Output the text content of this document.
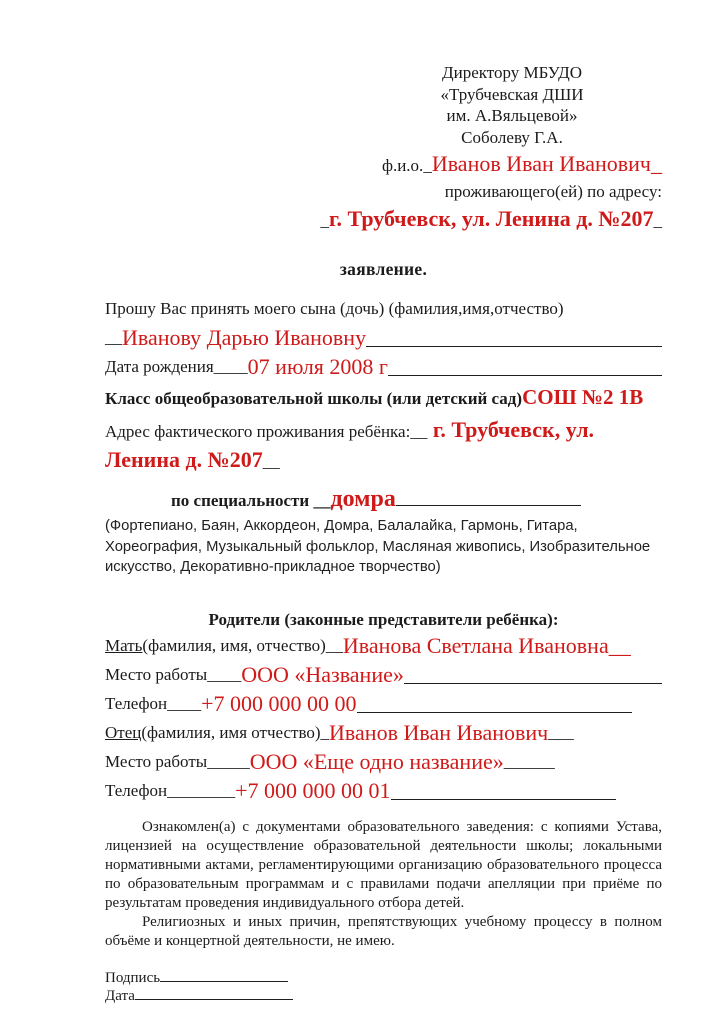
Директору МБУДО
«Трубчевская ДШИ
им. А.Вяльцевой»
Соболеву Г.А.
ф.и.о._Иванов Иван Иванович_
проживающего(ей) по адресу:
_г. Трубчевск, ул. Ленина д. №207_
заявление.
Прошу Вас принять моего сына (дочь) (фамилия,имя,отчество)
__ Иванову Дарью Ивановну
Дата рождения ____ 07 июля 2008 г
Класс общеобразовательной школы (или детский сад)СОШ №2 1В
Адрес фактического проживания ребёнка:__ г. Трубчевск, ул. Ленина д. №207__
по специальности __домра
(Фортепиано, Баян, Аккордеон, Домра, Балалайка, Гармонь, Гитара, Хореография, Музыкальный фольклор, Масляная живопись, Изобразительное искусство, Декоративно-прикладное творчество)
Родители (законные представители ребёнка):
Мать (фамилия, имя, отчество) __ Иванова Светлана Ивановна __
Место работы ____ ООО «Название»
Телефон ____ +7 000 000 00 00
Отец (фамилия, имя отчество) _ Иванов Иван Иванович ___
Место работы _____ ООО «Еще одно название» ______
Телефон ________ +7 000 000 00 01

Ознакомлен(а) с документами образовательного заведения: с копиями Устава, лицензией на осуществление образовательной деятельности школы; локальными нормативными актами, регламентирующими организацию образовательного процесса по образовательным программам и с правилами подачи апелляции при приёме по результатам проведения индивидуального отбора детей.

Религиозных и иных причин, препятствующих учебному процессу в полном объёме и концертной деятельности, не имею.

Подпись
Дата
